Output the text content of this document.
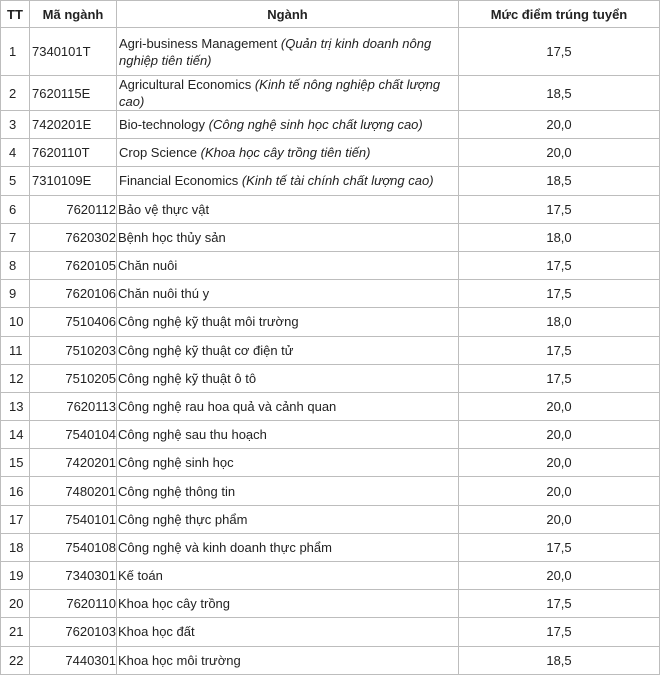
TT	Mã ngành	Ngành	Mức điểm trúng tuyển
1	7340101T	Agri-business Management (Quản trị kinh doanh nông nghiệp tiên tiến)	17,5
2	7620115E	Agricultural Economics (Kinh tế nông nghiệp chất lượng cao)	18,5
3	7420201E	Bio-technology (Công nghệ sinh học chất lượng cao)	20,0
4	7620110T	Crop Science (Khoa học cây trồng tiên tiến)	20,0
5	7310109E	Financial Economics (Kinh tế tài chính chất lượng cao)	18,5
6	7620112	Bảo vệ thực vật	17,5
7	7620302	Bệnh học thủy sản	18,0
8	7620105	Chăn nuôi	17,5
9	7620106	Chăn nuôi thú y	17,5
10	7510406	Công nghệ kỹ thuật môi trường	18,0
11	7510203	Công nghệ kỹ thuật cơ điện tử	17,5
12	7510205	Công nghệ kỹ thuật ô tô	17,5
13	7620113	Công nghệ rau hoa quả và cảnh quan	20,0
14	7540104	Công nghệ sau thu hoạch	20,0
15	7420201	Công nghệ sinh học	20,0
16	7480201	Công nghệ thông tin	20,0
17	7540101	Công nghệ thực phẩm	20,0
18	7540108	Công nghệ và kinh doanh thực phẩm	17,5
19	7340301	Kế toán	20,0
20	7620110	Khoa học cây trồng	17,5
21	7620103	Khoa học đất	17,5
22	7440301	Khoa học môi trường	18,5
